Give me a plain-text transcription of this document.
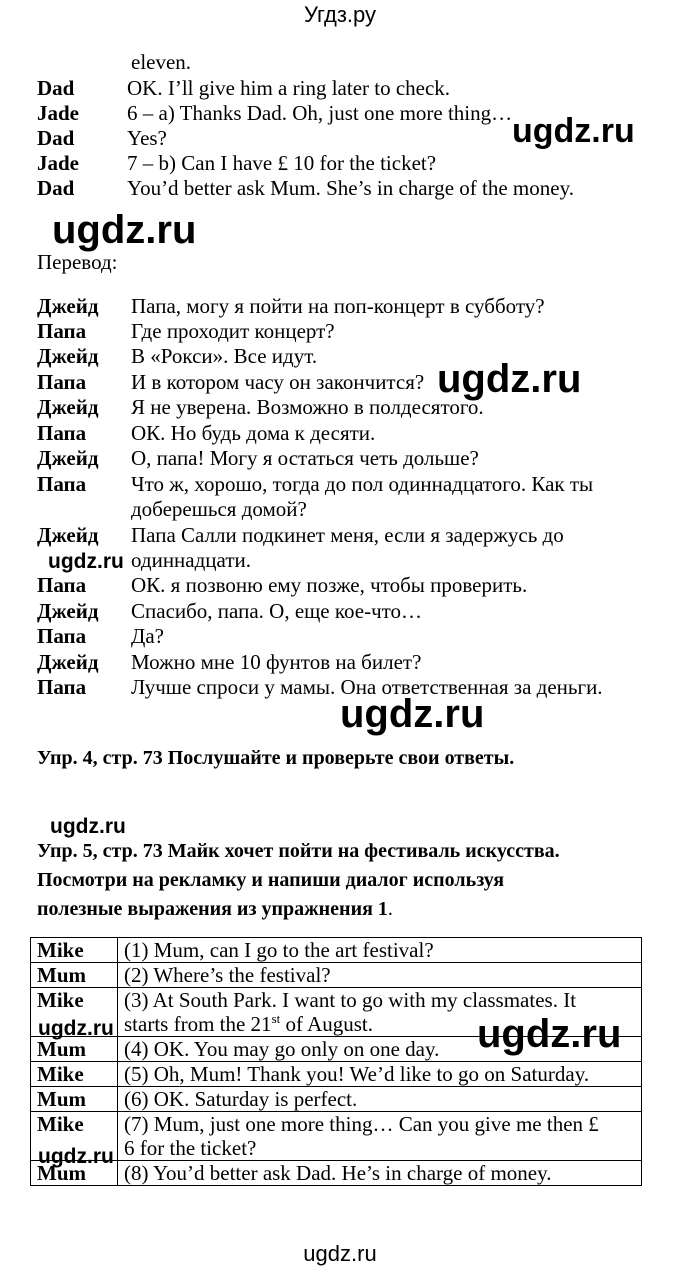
Угдз.ру
eleven.
Dad	OK. I’ll give him a ring later to check.
Jade 6 – a) Thanks Dad. Oh, just one more thing…
Dad	Yes?
Jade 7 – b) Can I have £ 10 for the ticket?
Dad	You’d better ask Mum. She’s in charge of the money.
Перевод:
Джейд Папа, могу я пойти на поп-концерт в субботу?
Папа Где проходит концерт?
Джейд В «Рокси». Все идут.
Папа И в котором часу он закончится?
Джейд Я не уверена. Возможно в полдесятого.
Папа ОК. Но будь дома к десяти.
Джейд О, папа! Могу я остаться четь дольше?
Папа Что ж, хорошо, тогда до пол одиннадцатого. Как ты
доберешься домой?
Джейд Папа Салли подкинет меня, если я задержусь до
одиннадцати.
Папа ОК. я позвоню ему позже, чтобы проверить.
Джейд Спасибо, папа. О, еще кое-что…
Папа Да?
Джейд Можно мне 10 фунтов на билет?
Папа Лучше спроси у мамы. Она ответственная за деньги.
Упр. 4, стр. 73 Послушайте и проверьте свои ответы.
Упр. 5, стр. 73 Майк хочет пойти на фестиваль искусства.
Посмотри на рекламку и напиши диалог используя
полезные выражения из упражнения 1.
Mike	(1) Mum, can I go to the art festival?
Mum	(2) Where’s the festival?
Mike	(3) At South Park. I want to go with my classmates. It
starts from the 21st of August.
Mum	(4) OK. You may go only on one day.
Mike	(5) Oh, Mum! Thank you! We’d like to go on Saturday.
Mum	(6) OK. Saturday is perfect.
Mike	(7) Mum, just one more thing… Can you give me then £
6 for the ticket?
Mum	(8) You’d better ask Dad. He’s in charge of money.
ugdz.ru
ugdz.ru
ugdz.ru
ugdz.ru
ugdz.ru
ugdz.ru
ugdz.ru	ugdz.ru
ugdz.ru
ugdz.ru
